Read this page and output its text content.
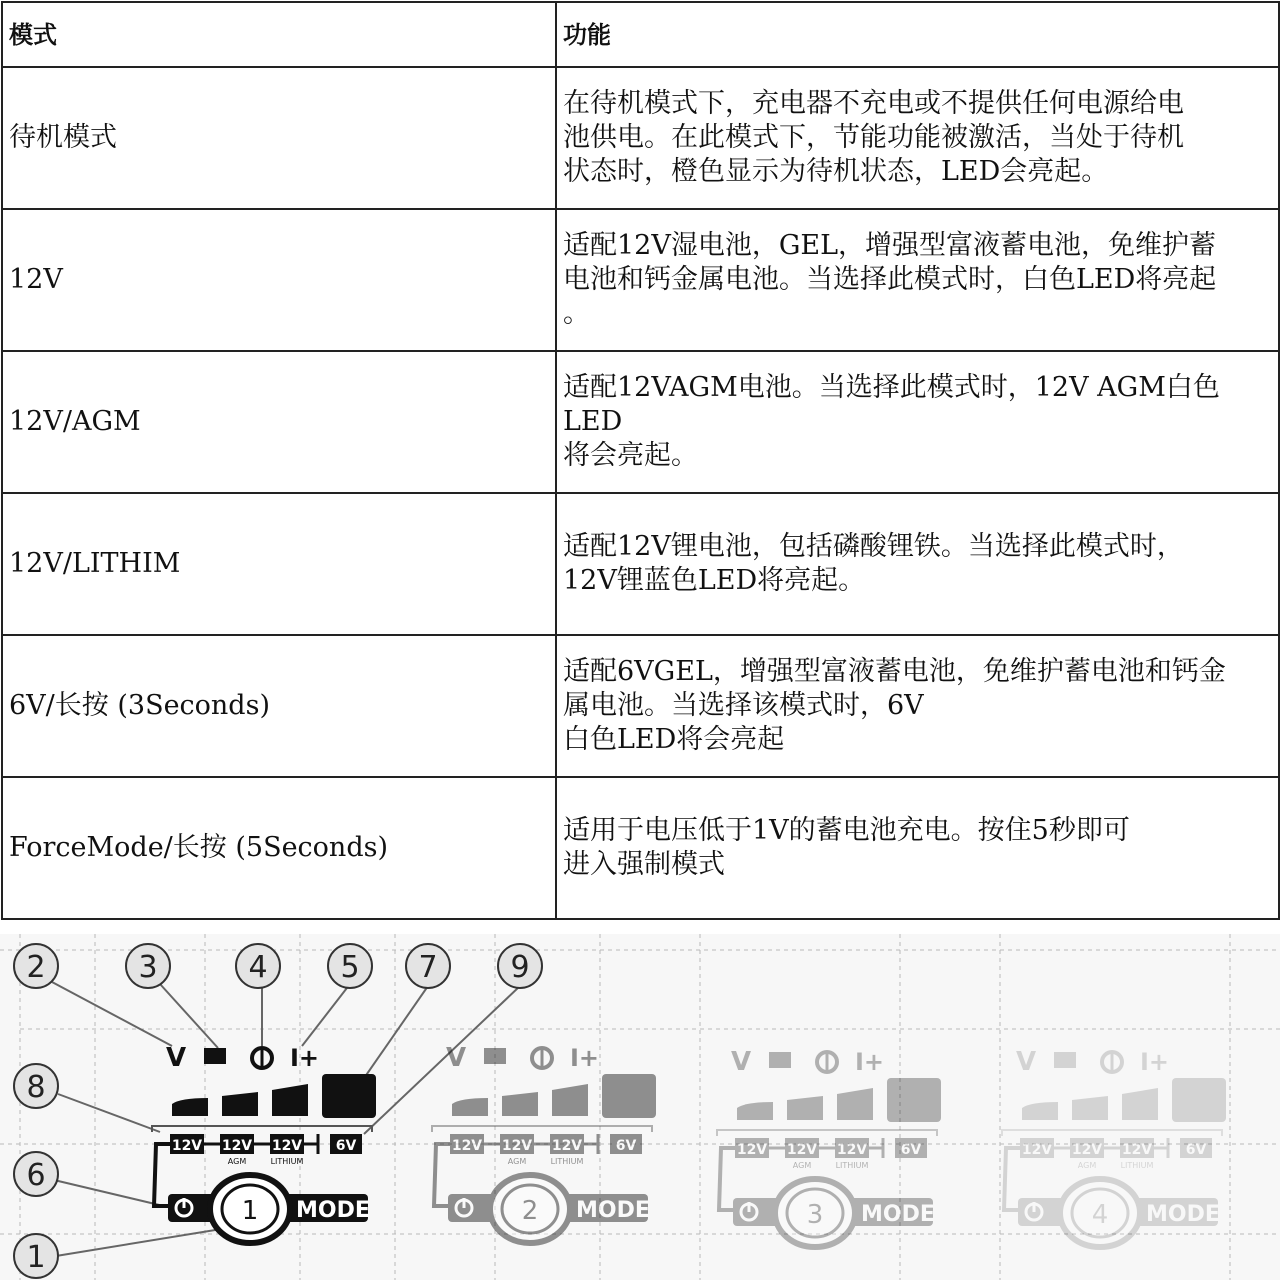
模式	功能
待机模式	在待机模式下，充电器不充电或不提供任何电源给电
池供电。在此模式下，节能功能被激活，当处于待机
状态时，橙色显示为待机状态，LED会亮起。
12V	适配12V湿电池，GEL，增强型富液蓄电池，免维护蓄
电池和钙金属电池。当选择此模式时，白色LED将亮起
。
12V/AGM	适配12VAGM电池。当选择此模式时，12V AGM白色LED
将会亮起。
12V/LITHIM	适配12V锂电池，包括磷酸锂铁。当选择此模式时，
12V锂蓝色LED将亮起。
6V/长按 (3Seconds)	适配6VGEL，增强型富液蓄电池，免维护蓄电池和钙金
属电池。当选择该模式时，6V
白色LED将会亮起
ForceMode/长按 (5Seconds)	适用于电压低于1V的蓄电池充电。按住5秒即可
进入强制模式
2	3	4 5 7 9
8
6
1
V	I+
12V 12V 12V 6V
AGM	LITHIUM
1 MODE
V	I+
12V 12V 12V 6V
AGM	LITHIUM
2 MODE
V	I+
12V 12V 12V 6V
AGM	LITHIUM
3 MODE
V	I+
12V 12V 12V 6V
AGM	LITHIUM
4 MODE
